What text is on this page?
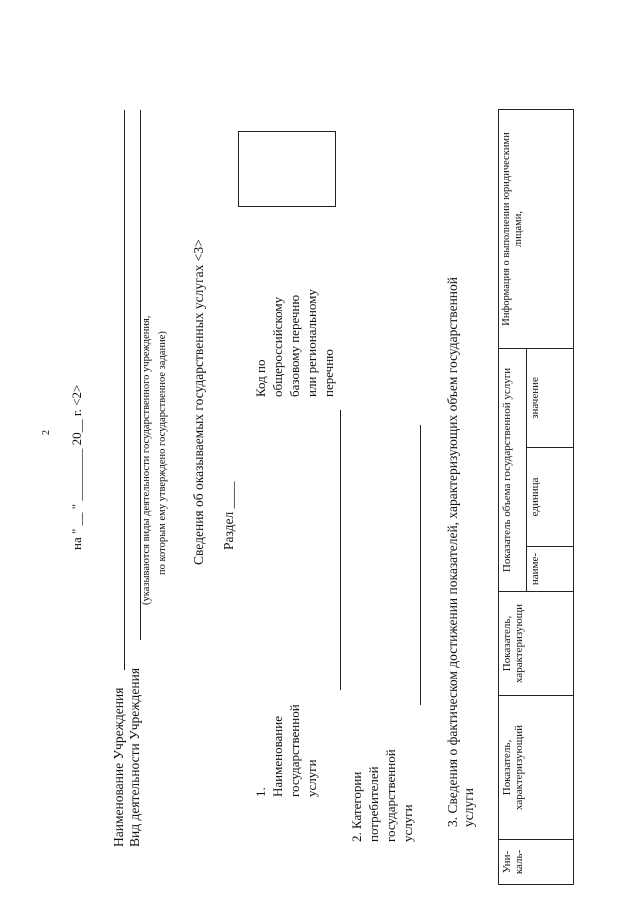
2 на " __ " ________ 20__ г. <2>
Наименование Учреждения Вид деятельности Учреждения
(указываются виды деятельности государственного учреждения, по которым ему утверждено государственное задание) Сведения об оказываемых государственных услугах <3> Раздел ____
Код по общероссийскому базовому перечню или региональному перечню
1. Наименование государственной услуги 2. Категории потребителей государственной услуги 3. Сведения о фактическом достижении показателей, характеризующих объем государственной услуги
Уни-каль-	Показатель, характеризующий	Показатель, характеризующи	Показатель объема государственной услуги			Информация о выполнении юридическими лицами,
			наиме-	единица	значение	
